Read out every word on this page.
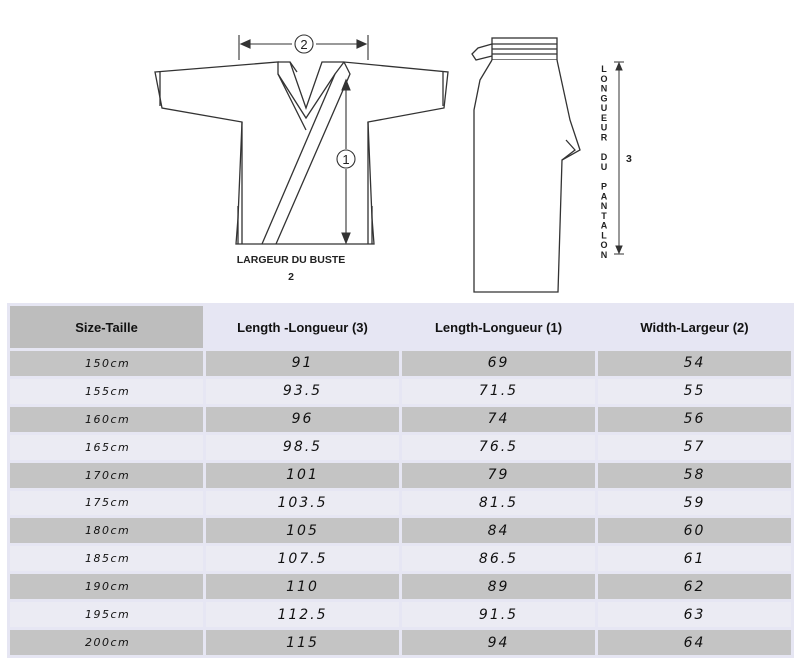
2
1
LARGEUR DU BUSTE
2
L
O
N
G
U
E
U
R
D
U
P
A
N
T
A
L
O
N
3
Size-Taille	Length -Longueur (3)	Length-Longueur (1)	Width-Largeur (2)
150cm	91	69	54
155cm	93.5	71.5	55
160cm	96	74	56
165cm	98.5	76.5	57
170cm	101	79	58
175cm	103.5	81.5	59
180cm	105	84	60
185cm	107.5	86.5	61
190cm	110	89	62
195cm	112.5	91.5	63
200cm	115	94	64
